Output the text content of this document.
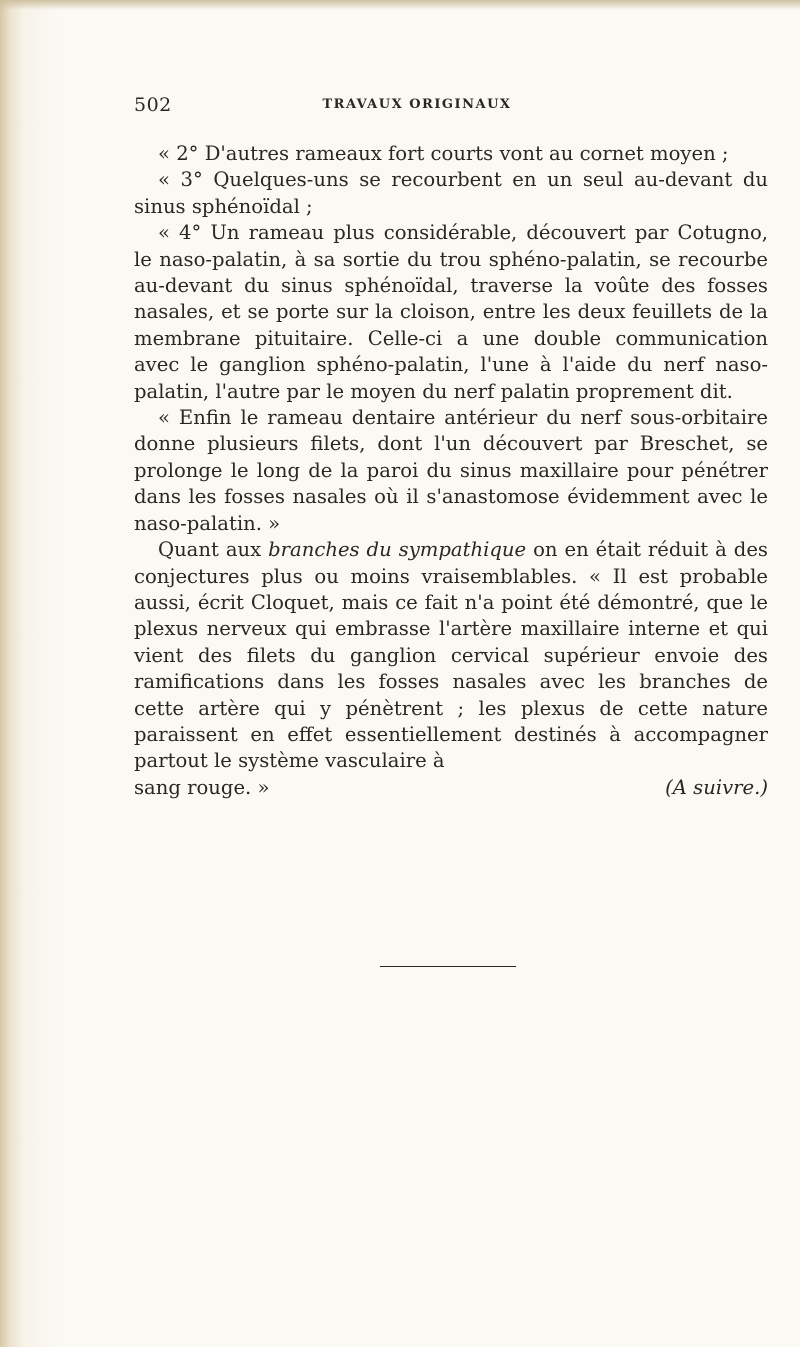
502	TRAVAUX ORIGINAUX

« 2° D'autres rameaux fort courts vont au cornet moyen ;

« 3° Quelques-uns se recourbent en un seul au-devant du sinus sphénoïdal ;

« 4° Un rameau plus considérable, découvert par Cotugno, le naso-palatin, à sa sortie du trou sphéno-palatin, se recourbe au-devant du sinus sphénoïdal, traverse la voûte des fosses nasales, et se porte sur la cloison, entre les deux feuillets de la membrane pituitaire. Celle-ci a une double communication avec le ganglion sphéno-palatin, l'une à l'aide du nerf naso-palatin, l'autre par le moyen du nerf palatin proprement dit.

« Enfin le rameau dentaire antérieur du nerf sous-orbitaire donne plusieurs filets, dont l'un découvert par Breschet, se prolonge le long de la paroi du sinus maxillaire pour pénétrer dans les fosses nasales où il s'anastomose évidemment avec le naso-palatin. »

Quant aux branches du sympathique on en était réduit à des conjectures plus ou moins vraisemblables. « Il est probable aussi, écrit Cloquet, mais ce fait n'a point été démontré, que le plexus nerveux qui embrasse l'artère maxillaire interne et qui vient des filets du ganglion cervical supérieur envoie des ramifications dans les fosses nasales avec les branches de cette artère qui y pénètrent ; les plexus de cette nature paraissent en effet essentiellement destinés à accompagner partout le système vasculaire à

sang rouge. »	(A suivre.)
